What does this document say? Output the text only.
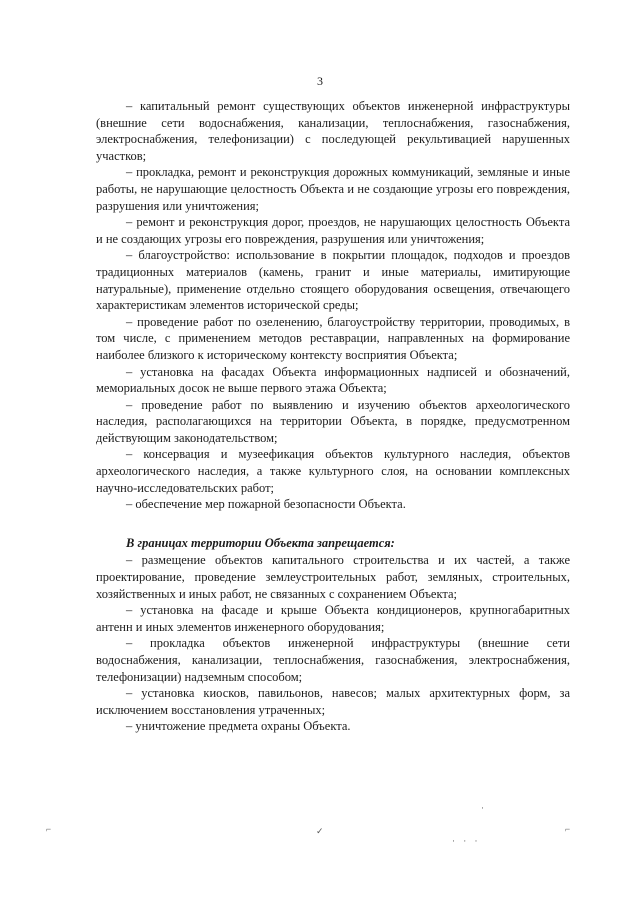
3

– капитальный ремонт существующих объектов инженерной инфраструктуры (внешние сети водоснабжения, канализации, теплоснабжения, газоснабжения, электроснабжения, телефонизации) с последующей рекультивацией нарушенных участков;

– прокладка, ремонт и реконструкция дорожных коммуникаций, земляные и иные работы, не нарушающие целостность Объекта и не создающие угрозы его повреждения, разрушения или уничтожения;

– ремонт и реконструкция дорог, проездов, не нарушающих целостность Объекта и не создающих угрозы его повреждения, разрушения или уничтожения;

– благоустройство: использование в покрытии площадок, подходов и проездов традиционных материалов (камень, гранит и иные материалы, имитирующие натуральные), применение отдельно стоящего оборудования освещения, отвечающего характеристикам элементов исторической среды;

– проведение работ по озеленению, благоустройству территории, проводимых, в том числе, с применением методов реставрации, направленных на формирование наиболее близкого к историческому контексту восприятия Объекта;

– установка на фасадах Объекта информационных надписей и обозначений, мемориальных досок не выше первого этажа Объекта;

– проведение работ по выявлению и изучению объектов археологического наследия, располагающихся на территории Объекта, в порядке, предусмотренном действующим законодательством;

– консервация и музеефикация объектов культурного наследия, объектов археологического наследия, а также культурного слоя, на основании комплексных научно-исследовательских работ;

– обеспечение мер пожарной безопасности Объекта.

В границах территории Объекта запрещается:

– размещение объектов капитального строительства и их частей, а также проектирование, проведение землеустроительных работ, земляных, строительных, хозяйственных и иных работ, не связанных с сохранением Объекта;

– установка на фасаде и крыше Объекта кондиционеров, крупногабаритных антенн и иных элементов инженерного оборудования;

– прокладка объектов инженерной инфраструктуры (внешние сети водоснабжения, канализации, теплоснабжения, газоснабжения, электроснабжения, телефонизации) надземным способом;

– установка киосков, павильонов, навесов; малых архитектурных форм, за исключением восстановления утраченных;

– уничтожение предмета охраны Объекта.

·
⌐	✓	⌐
· · ·
